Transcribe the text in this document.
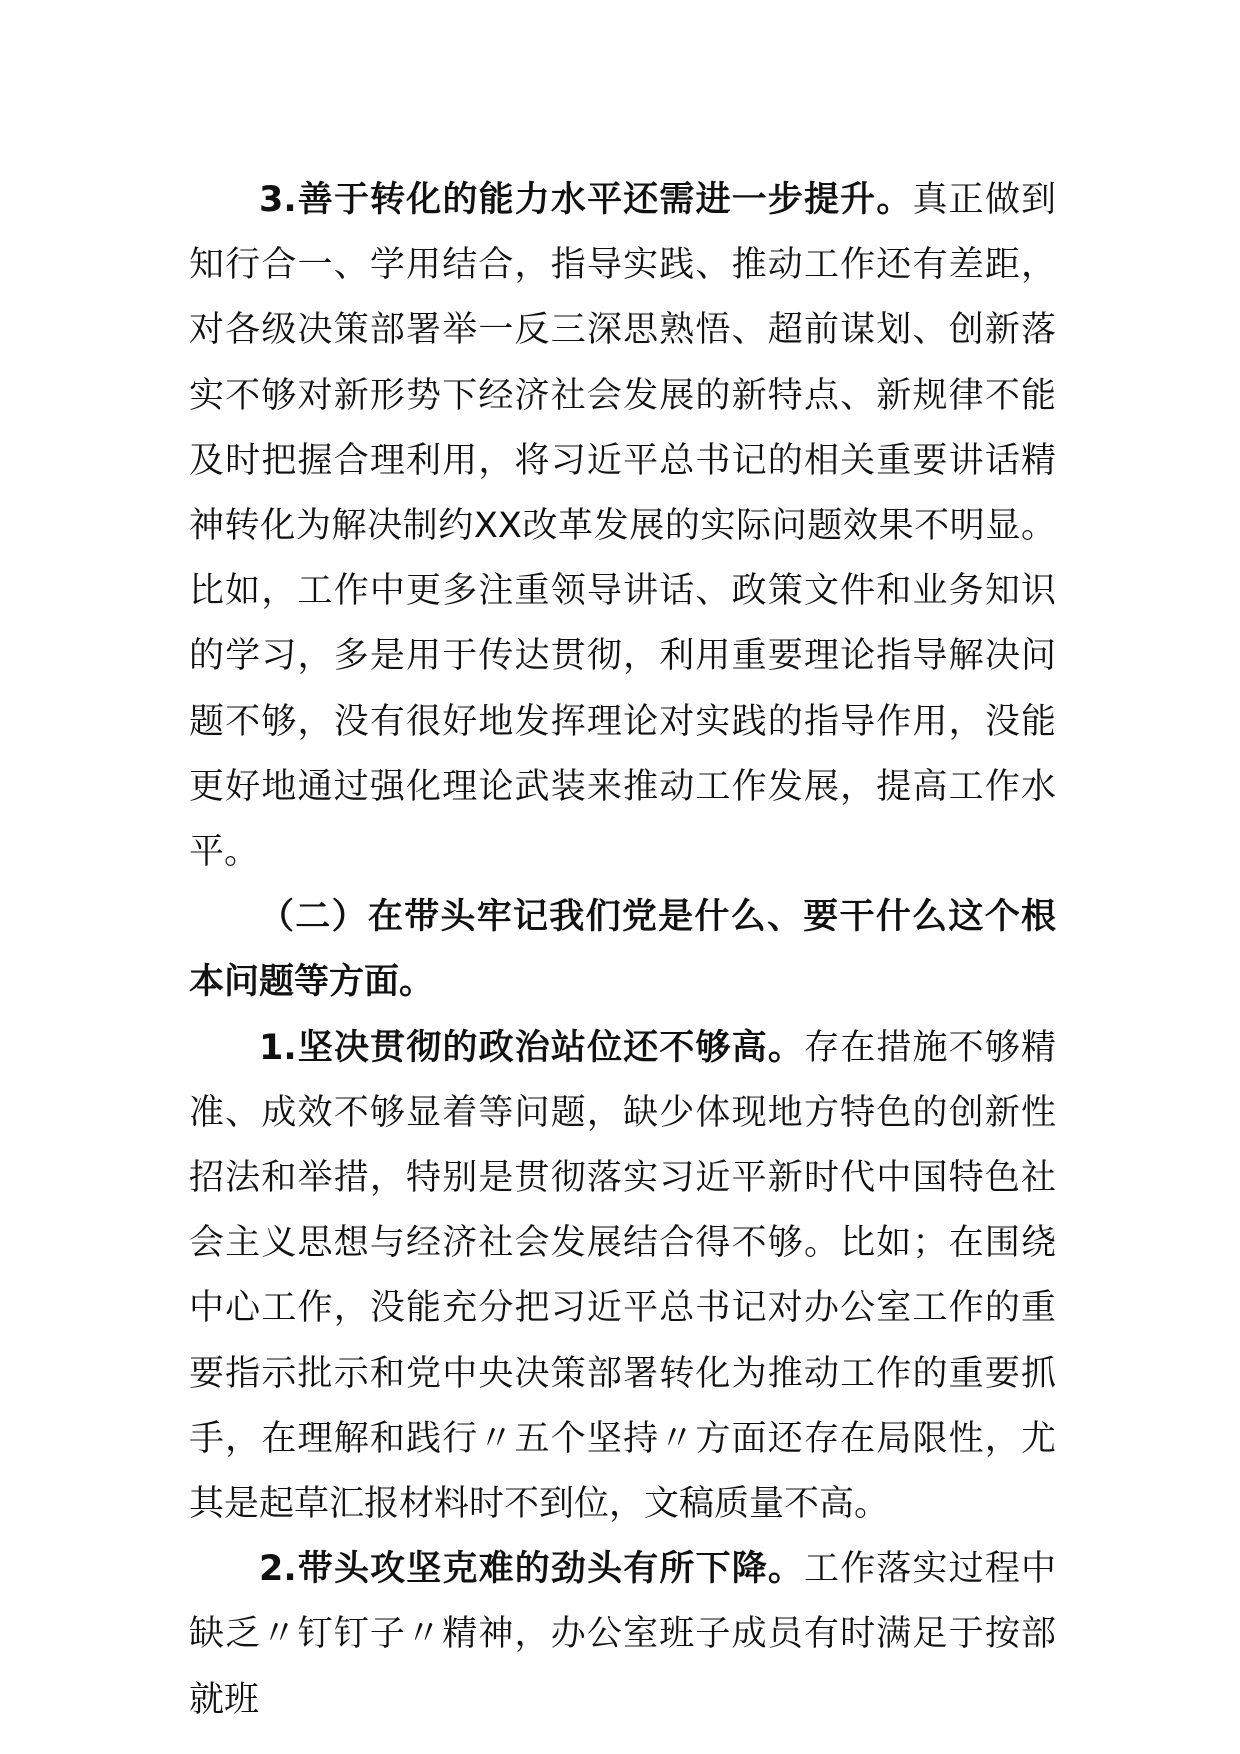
3.善于转化的能力水平还需进一步提升。真正做到知行合一、学用结合，指导实践、推动工作还有差距，对各级决策部署举一反三深思熟悟、超前谋划、创新落实不够对新形势下经济社会发展的新特点、新规律不能及时把握合理利用，将习近平总书记的相关重要讲话精神转化为解决制约XX改革发展的实际问题效果不明显。比如，工作中更多注重领导讲话、政策文件和业务知识的学习，多是用于传达贯彻，利用重要理论指导解决问题不够，没有很好地发挥理论对实践的指导作用，没能更好地通过强化理论武装来推动工作发展，提高工作水平。

（二）在带头牢记我们党是什么、要干什么这个根本问题等方面。

1.坚决贯彻的政治站位还不够高。存在措施不够精准、成效不够显着等问题，缺少体现地方特色的创新性招法和举措，特别是贯彻落实习近平新时代中国特色社会主义思想与经济社会发展结合得不够。比如；在围绕中心工作，没能充分把习近平总书记对办公室工作的重要指示批示和党中央决策部署转化为推动工作的重要抓手，在理解和践行〃五个坚持〃方面还存在局限性，尤其是起草汇报材料时不到位，文稿质量不高。

2.带头攻坚克难的劲头有所下降。工作落实过程中缺乏〃钉钉子〃精神，办公室班子成员有时满足于按部就班
